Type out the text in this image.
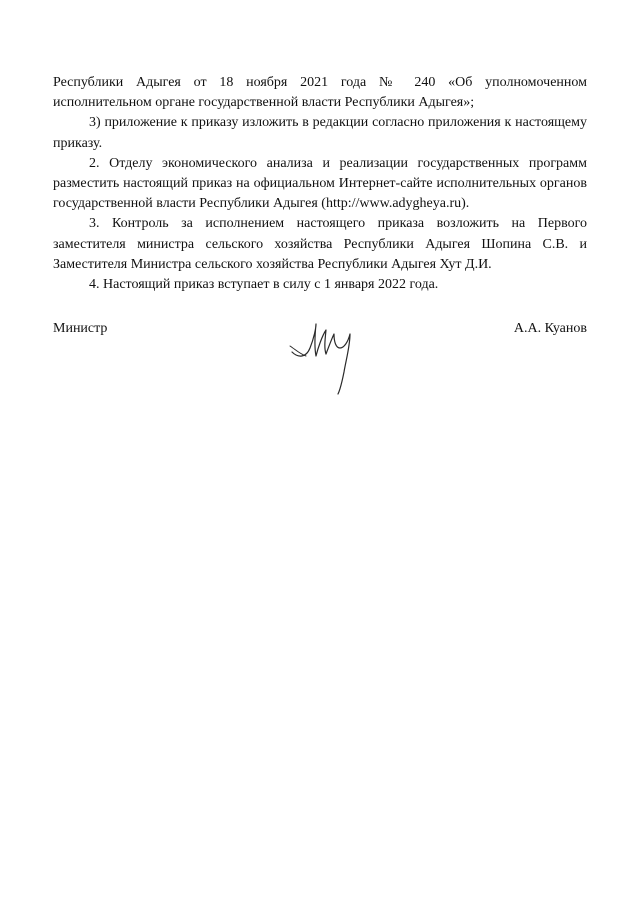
Республики Адыгея от 18 ноября 2021 года № 240 «Об уполномоченном исполнительном органе государственной власти Республики Адыгея»;

3) приложение к приказу изложить в редакции согласно приложения к настоящему приказу.

2. Отделу экономического анализа и реализации государственных программ разместить настоящий приказ на официальном Интернет-сайте исполнительных органов государственной власти Республики Адыгея (http://www.adygheya.ru).

3. Контроль за исполнением настоящего приказа возложить на Первого заместителя министра сельского хозяйства Республики Адыгея Шопина С.В. и Заместителя Министра сельского хозяйства Республики Адыгея Хут Д.И.

4. Настоящий приказ вступает в силу с 1 января 2022 года.

Министр	А.А. Куанов
